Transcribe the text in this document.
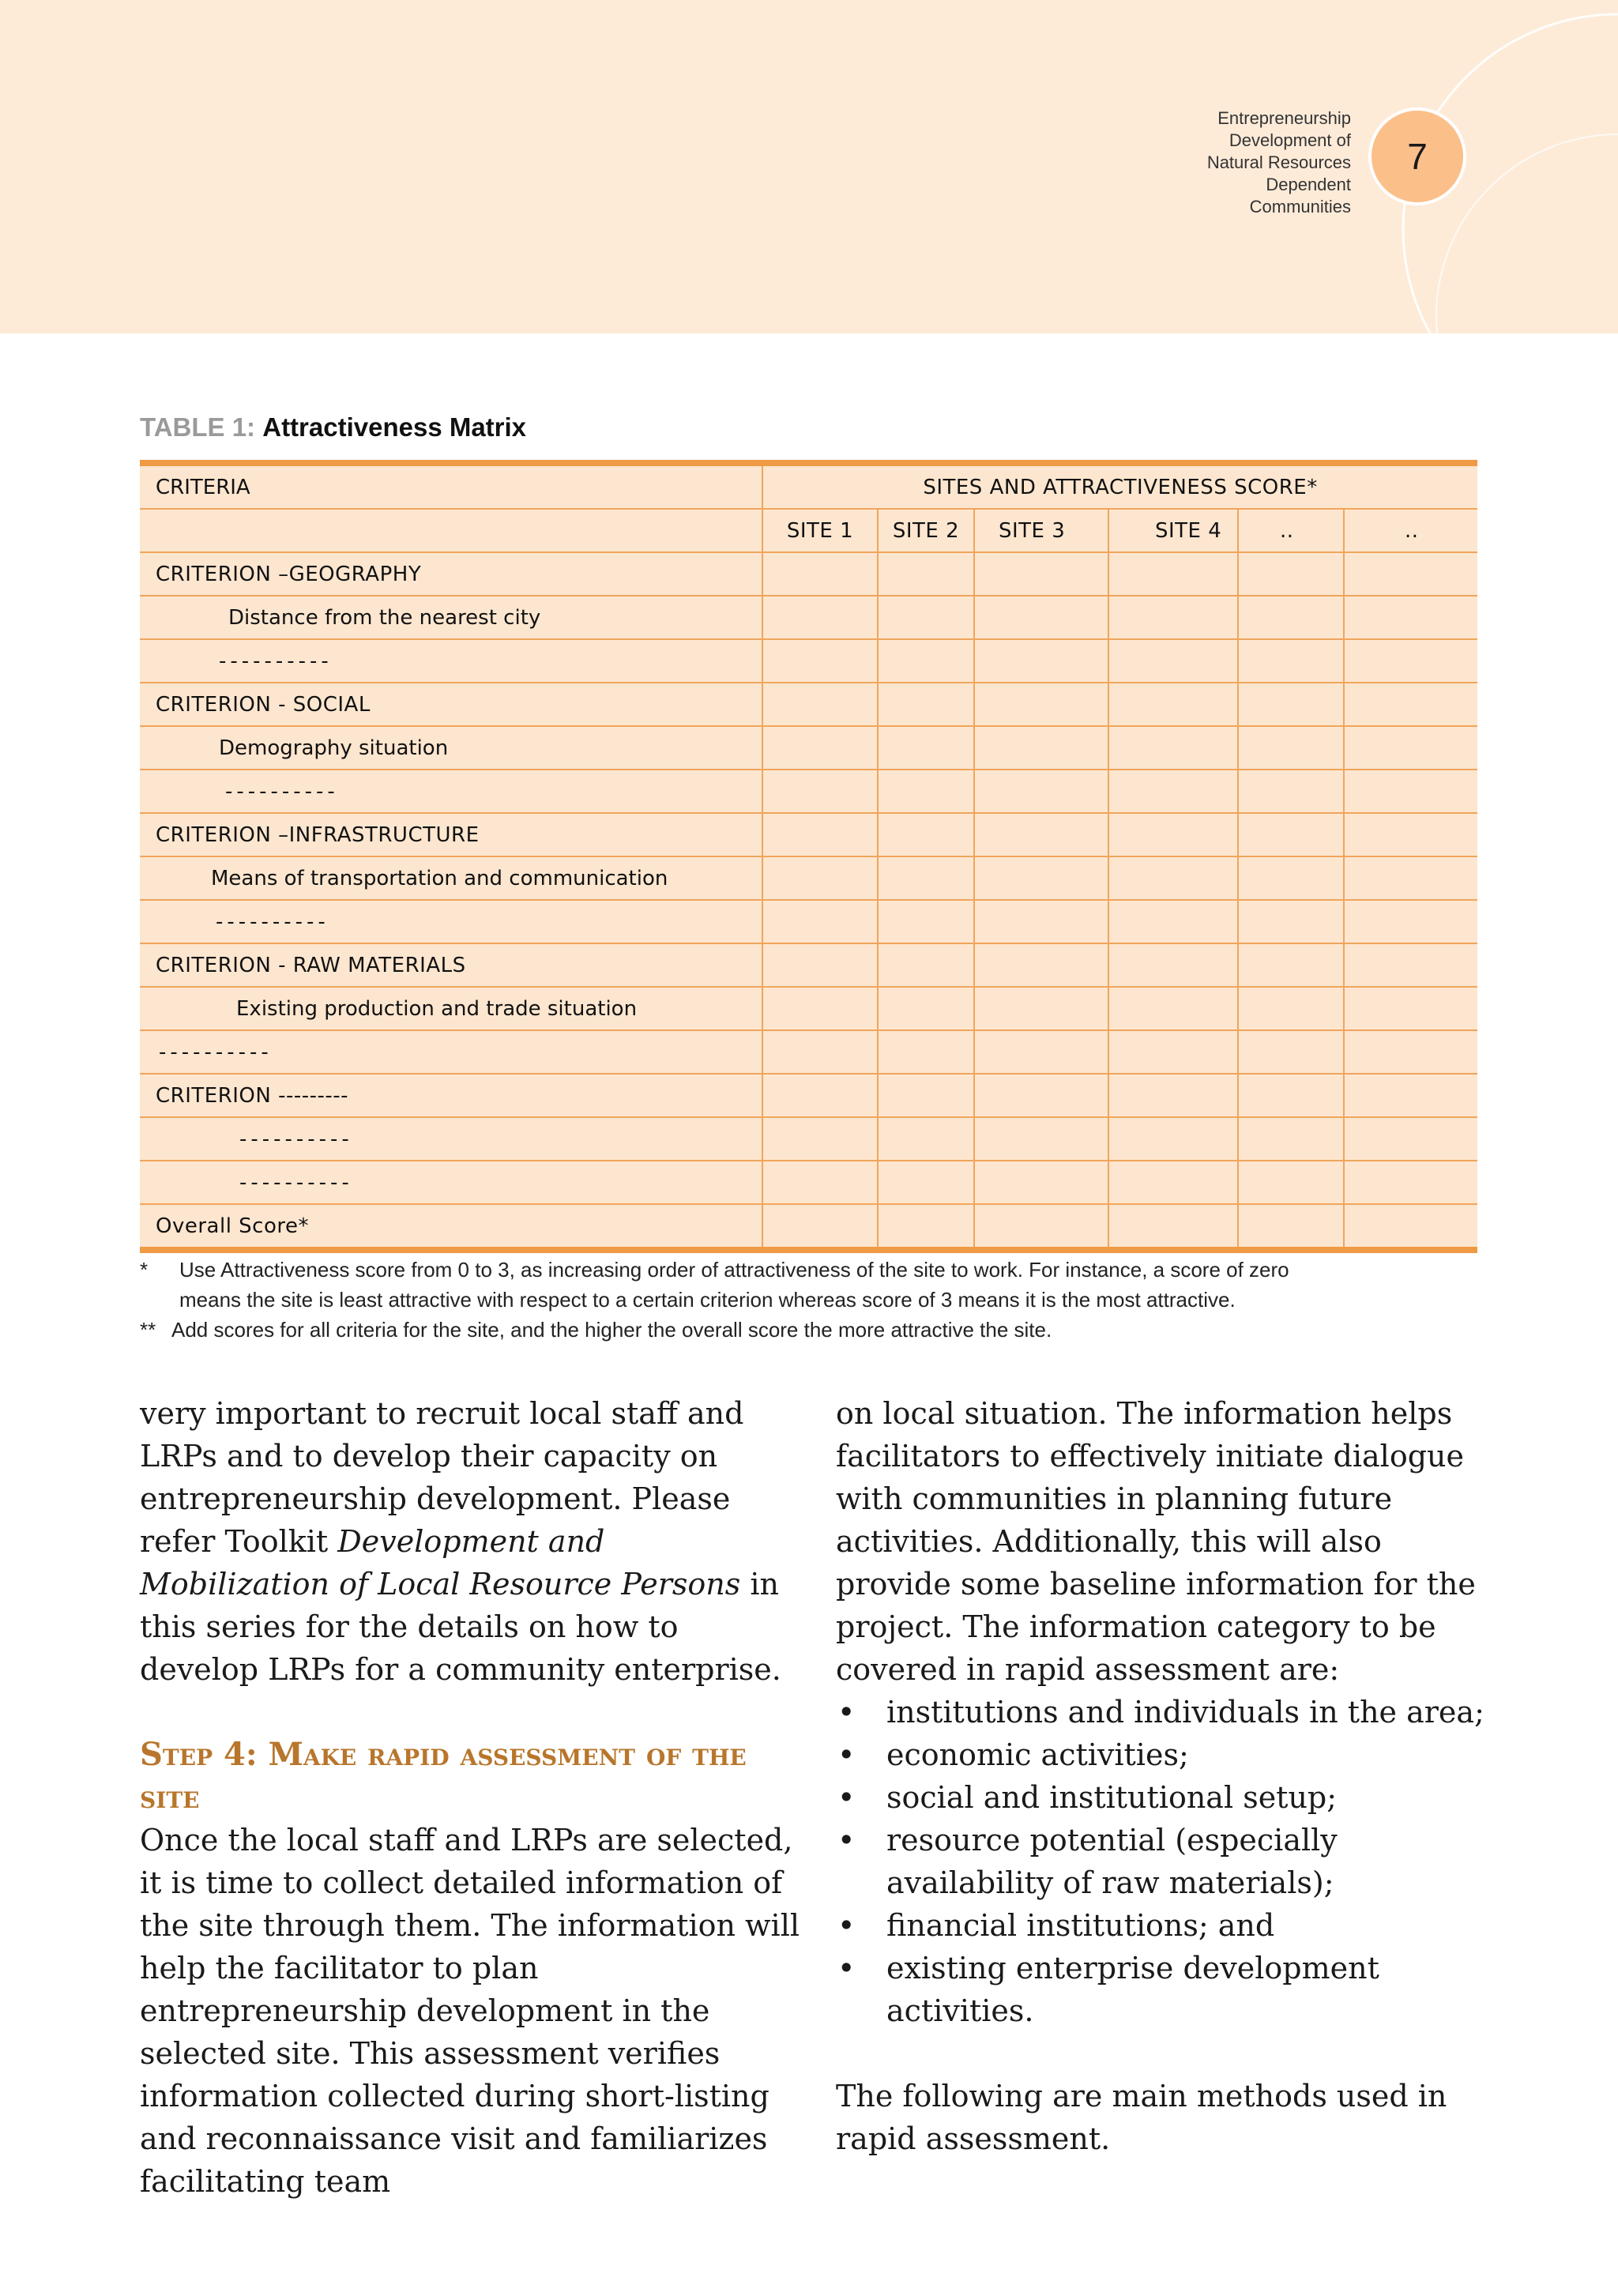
Entrepreneurship
Development of
Natural Resources
Dependent
Communities
7
TABLE 1: Attractiveness Matrix
CRITERIA	SITES AND ATTRACTIVENESS SCORE*					
	SITE 1	SITE 2	SITE 3	SITE 4	..	..
CRITERION –GEOGRAPHY						
Distance from the nearest city						
----------						
CRITERION - SOCIAL						
Demography situation						
----------						
CRITERION –INFRASTRUCTURE						
Means of transportation and communication						
----------						
CRITERION - RAW MATERIALS						
Existing production and trade situation						
----------						
CRITERION ---------						
----------						
----------						
Overall Score*						
* Use Attractiveness score from 0 to 3, as increasing order of attractiveness of the site to work. For instance, a score of zero
means the site is least attractive with respect to a certain criterion whereas score of 3 means it is the most attractive.
** Add scores for all criteria for the site, and the higher the overall score the more attractive the site.

very important to recruit local staff and LRPs and to develop their capacity on entrepreneurship development. Please refer Toolkit Development and Mobilization of Local Resource Persons in this series for the details on how to develop LRPs for a community enterprise.

Step 4: Make rapid assessment of the site

Once the local staff and LRPs are selected, it is time to collect detailed information of the site through them. The information will help the facilitator to plan entrepreneurship development in the selected site. This assessment verifies information collected during short-listing and reconnaissance visit and familiarizes facilitating team

on local situation. The information helps facilitators to effectively initiate dialogue with communities in planning future activities. Additionally, this will also provide some baseline information for the project. The information category to be covered in rapid assessment are:

• institutions and individuals in the area;
• economic activities;
• social and institutional setup;
• resource potential (especially availability of raw materials);
• financial institutions; and
• existing enterprise development activities.

The following are main methods used in rapid assessment.
